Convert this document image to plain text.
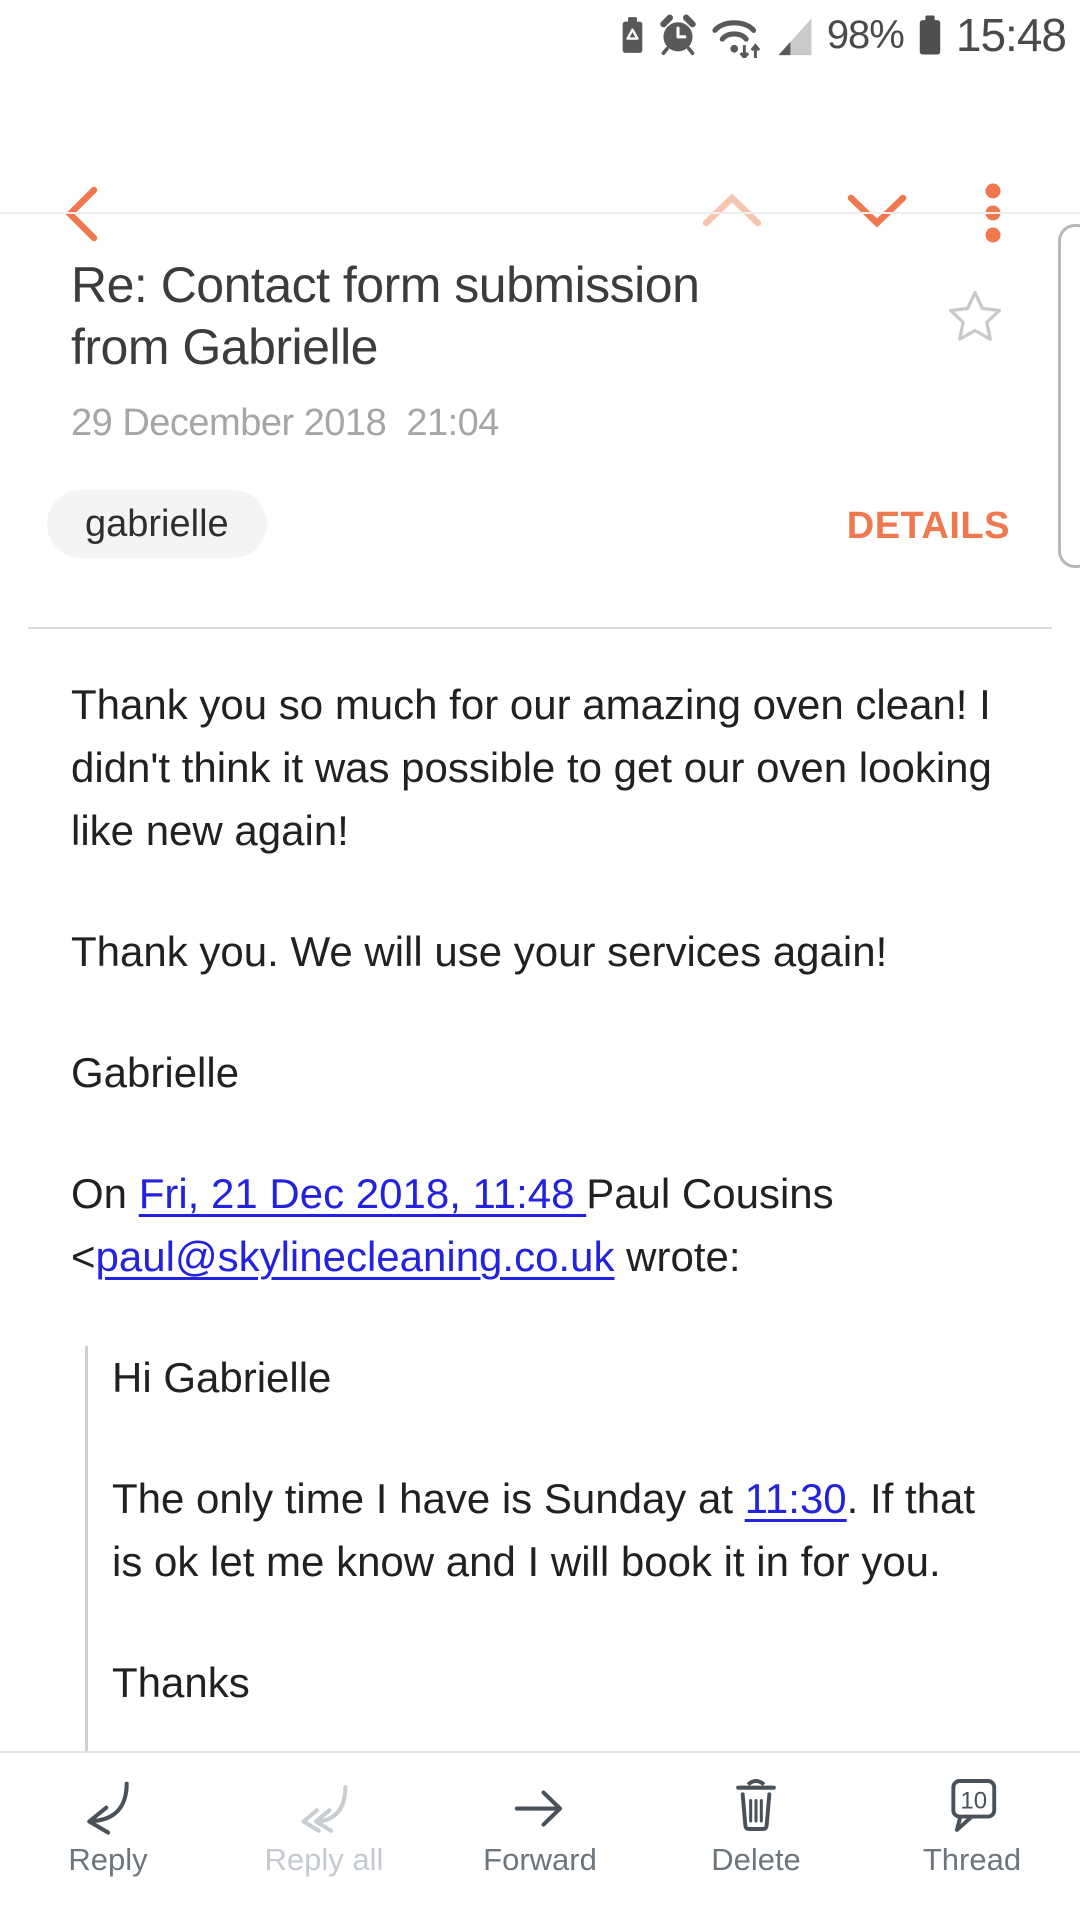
98% 15:48
Re: Contact form submission from Gabrielle
29 December 2018  21:04
gabrielle	DETAILS

Thank you so much for our amazing oven clean! I didn't think it was possible to get our oven looking like new again!

Thank you. We will use your services again!

Gabrielle

On Fri, 21 Dec 2018, 11:48 Paul Cousins <paul@skylinecleaning.co.uk wrote:

Hi Gabrielle

The only time I have is Sunday at 11:30. If that is ok let me know and I will book it in for you.

Thanks

Reply	Reply all	Forward	Delete
10
Thread
